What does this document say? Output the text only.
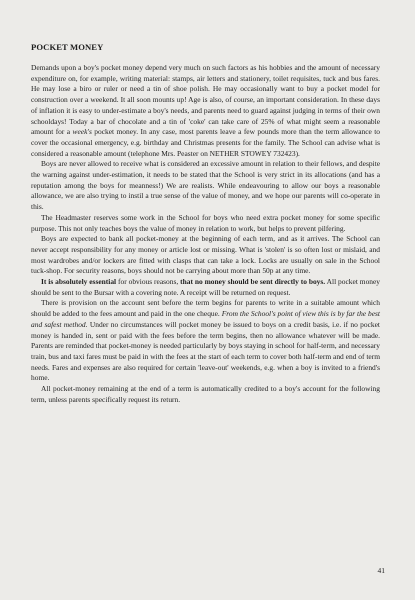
POCKET MONEY

Demands upon a boy's pocket money depend very much on such factors as his hobbies and the amount of necessary expenditure on, for example, writing material: stamps, air letters and stationery, toilet requisites, tuck and bus fares. He may lose a biro or ruler or need a tin of shoe polish. He may occasionally want to buy a pocket model for construction over a weekend. It all soon mounts up! Age is also, of course, an important consideration. In these days of inflation it is easy to under-estimate a boy's needs, and parents need to guard against judging in terms of their own schooldays! Today a bar of chocolate and a tin of 'coke' can take care of 25% of what might seem a reasonable amount for a week's pocket money. In any case, most parents leave a few pounds more than the term allowance to cover the occasional emergency, e.g. birthday and Christmas presents for the family. The School can advise what is considered a reasonable amount (telephone Mrs. Peaster on NETHER STOWEY 732423).

Boys are never allowed to receive what is considered an excessive amount in relation to their fellows, and despite the warning against under-estimation, it needs to be stated that the School is very strict in its allocations (and has a reputation among the boys for meanness!) We are realists. While endeavouring to allow our boys a reasonable allowance, we are also trying to instil a true sense of the value of money, and we hope our parents will co-operate in this.

The Headmaster reserves some work in the School for boys who need extra pocket money for some specific purpose. This not only teaches boys the value of money in relation to work, but helps to prevent pilfering.

Boys are expected to bank all pocket-money at the beginning of each term, and as it arrives. The School can never accept responsibility for any money or article lost or missing. What is 'stolen' is so often lost or mislaid, and most wardrobes and/or lockers are fitted with clasps that can take a lock. Locks are usually on sale in the School tuck-shop. For security reasons, boys should not be carrying about more than 50p at any time.

It is absolutely essential for obvious reasons, that no money should be sent directly to boys. All pocket money should be sent to the Bursar with a covering note. A receipt will be returned on request.

There is provision on the account sent before the term begins for parents to write in a suitable amount which should be added to the fees amount and paid in the one cheque. From the School's point of view this is by far the best and safest method. Under no circumstances will pocket money be issued to boys on a credit basis, i.e. if no pocket money is handed in, sent or paid with the fees before the term begins, then no allowance whatever will be made. Parents are reminded that pocket-money is needed particularly by boys staying in school for half-term, and necessary train, bus and taxi fares must be paid in with the fees at the start of each term to cover both half-term and end of term needs. Fares and expenses are also required for certain 'leave-out' weekends, e.g. when a boy is invited to a friend's home.

All pocket-money remaining at the end of a term is automatically credited to a boy's account for the following term, unless parents specifically request its return.

41
